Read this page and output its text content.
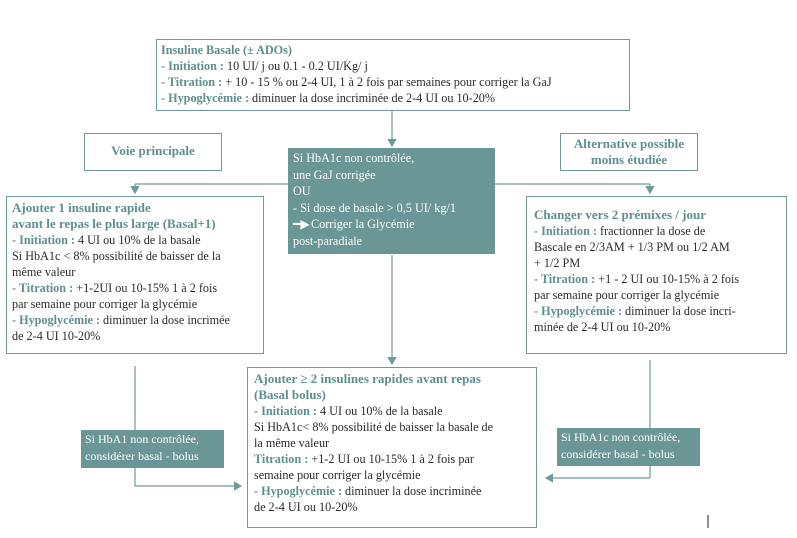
Insuline Basale (± ADOs)
- Initiation : 10 UI/ j ou 0.1 - 0.2 UI/Kg/ j
- Titration : + 10 - 15 % ou 2-4 UI, 1 à 2 fois par semaines pour corriger la GaJ
- Hypoglycémie : diminuer la dose incriminée de 2-4 UI ou 10-20%
Voie principale	Alternative possible
moins étudiée
Si HbA1c non contrôlée,
une GaJ corrigée
OU
- Si dose de basale > 0,5 UI/ kg/1
━▶Corriger la Glycémie
post-paradiale
Ajouter 1 insuline rapide
avant le repas le plus large (Basal+1)
- Initiation : 4 UI ou 10% de la basale
Si HbA1c < 8% possibilité de baisser de la
même valeur
- Titration : +1-2UI ou 10-15% 1 à 2 fois
par semaine pour corriger la glycémie
- Hypoglycémie : diminuer la dose incrimée
de 2-4 UI 10-20%
Changer vers 2 prémixes / jour
- Initiation : fractionner la dose de
Bascale en 2/3AM + 1/3 PM ou 1/2 AM
+ 1/2 PM
- Titration : +1 - 2 UI ou 10-15% à 2 fois
par semaine pour corriger la glycémie
- Hypoglycémie : diminuer la dose incri-
minée de 2-4 UI ou 10-20%
Ajouter ≥ 2 insulines rapides avant repas
(Basal bolus)
- Initiation : 4 UI ou 10% de la basale
Si HbA1c< 8% possibilité de baisser la basale de
la même valeur
Titration : +1-2 UI ou 10-15% 1 à 2 fois par
semaine pour corriger la glycémie
- Hypoglycémie : diminuer la dose incriminée
de 2-4 UI ou 10-20%
Si HbA1 non contrôlée,
considérer basal - bolus
Si HbA1c non contrôlée,
considérer basal - bolus
